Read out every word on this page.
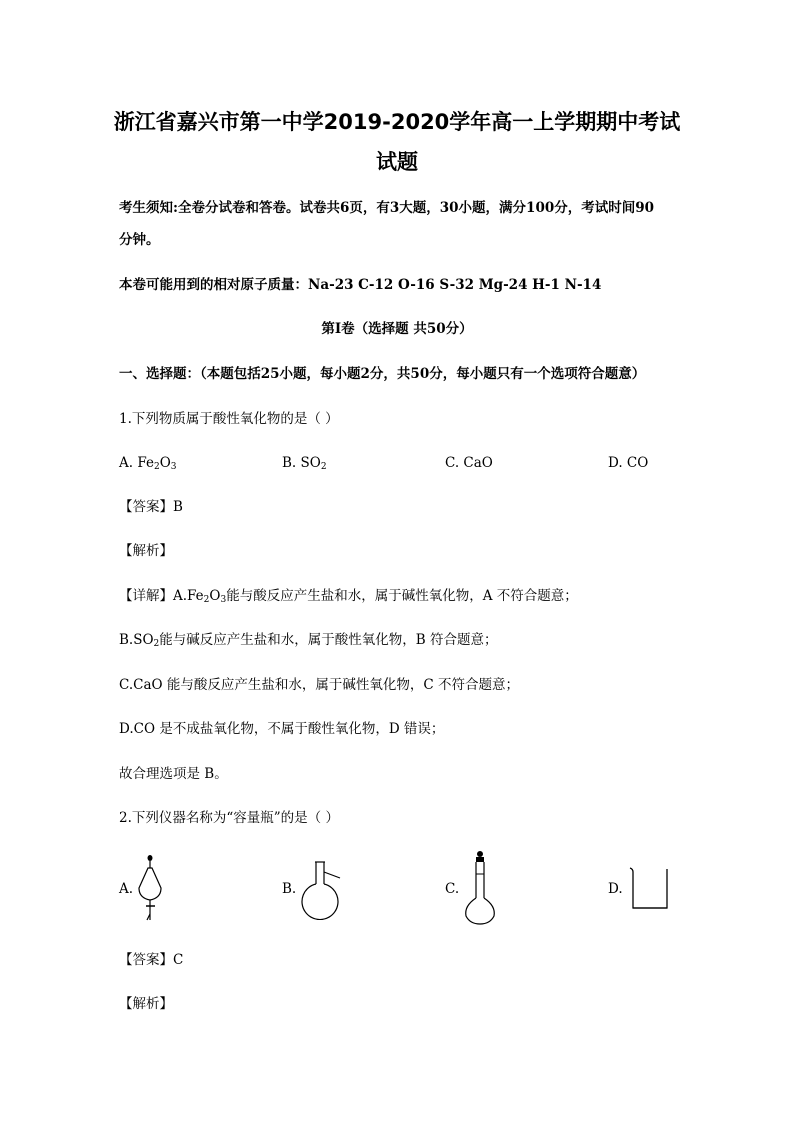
浙江省嘉兴市第一中学2019-2020学年高一上学期期中考试
试题
考生须知:全卷分试卷和答卷。试卷共6页，有3大题，30小题，满分100分，考试时间90
分钟。
本卷可能用到的相对原子质量：Na-23 C-12 O-16 S-32 Mg-24 H-1 N-14
第Ⅰ卷（选择题 共50分）
一、选择题：（本题包括25小题，每小题2分，共50分，每小题只有一个选项符合题意）
1.下列物质属于酸性氧化物的是（ ）
A. $Fe_2O_3$	B. $SO_2$	C. CaO	D. CO
【答案】B
【解析】
【详解】$A.Fe_2O_3$能与酸反应产生盐和水，属于碱性氧化物，A 不符合题意；
$B.SO_2$能与碱反应产生盐和水，属于酸性氧化物，B 符合题意；
C.CaO 能与酸反应产生盐和水，属于碱性氧化物，C 不符合题意；
D.CO 是不成盐氧化物，不属于酸性氧化物，D 错误；
故合理选项是 B。
2.下列仪器名称为“容量瓶”的是（ ）
A.	B.	C.	D.
【答案】C
【解析】
